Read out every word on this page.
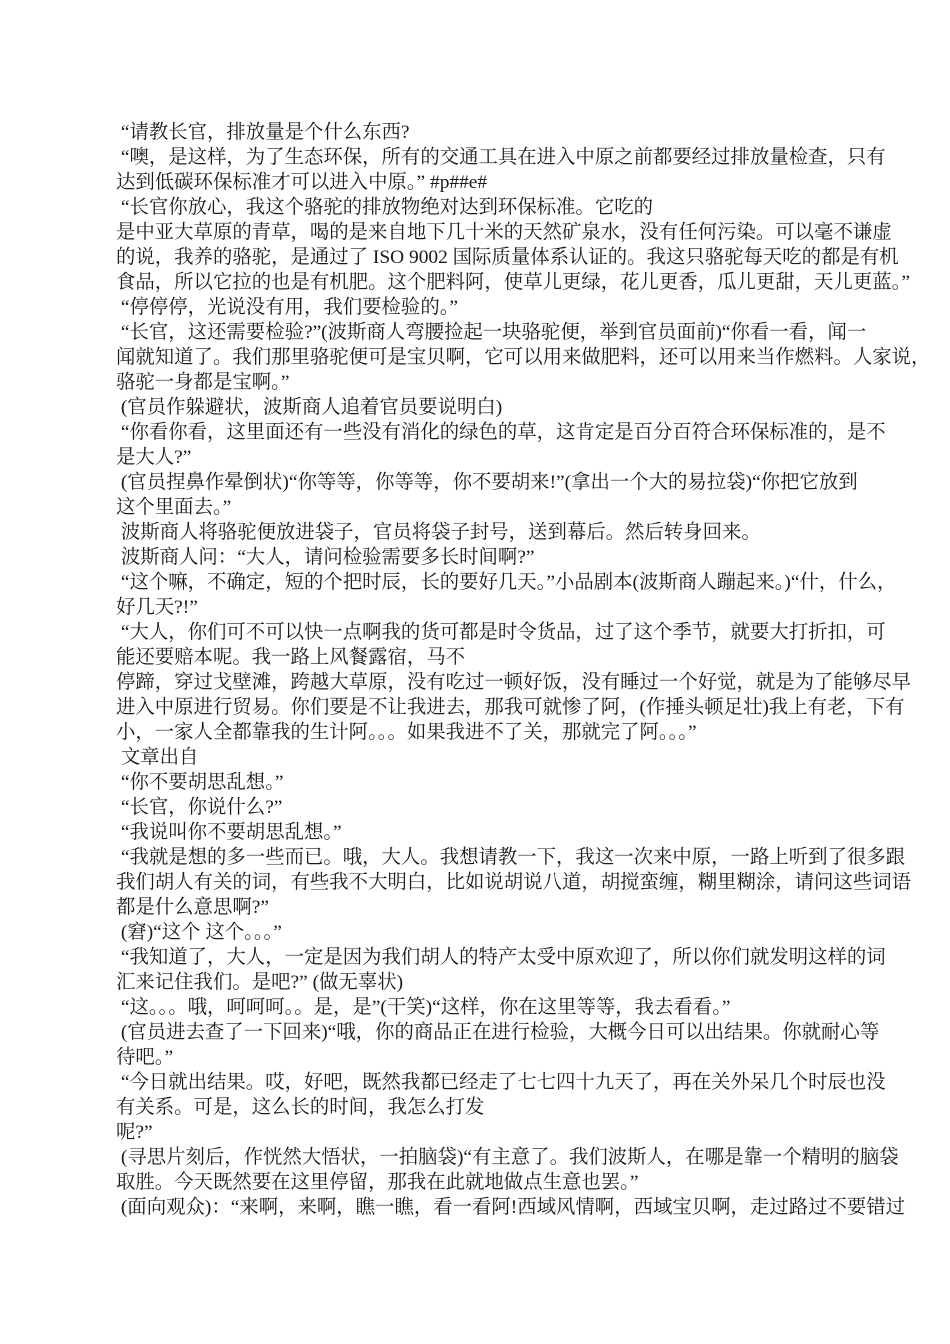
“请教长官，排放量是个什么东西?
“噢，是这样，为了生态环保，所有的交通工具在进入中原之前都要经过排放量检查，只有
达到低碳环保标准才可以进入中原。” #p##e#
“长官你放心，我这个骆驼的排放物绝对达到环保标准。它吃的
是中亚大草原的青草，喝的是来自地下几十米的天然矿泉水，没有任何污染。可以毫不谦虚
的说，我养的骆驼，是通过了 ISO 9002 国际质量体系认证的。我这只骆驼每天吃的都是有机
食品，所以它拉的也是有机肥。这个肥料阿，使草儿更绿，花儿更香，瓜儿更甜，天儿更蓝。”
“停停停，光说没有用，我们要检验的。”
“长官，这还需要检验?”(波斯商人弯腰捡起一块骆驼便，举到官员面前)“你看一看，闻一
闻就知道了。我们那里骆驼便可是宝贝啊，它可以用来做肥料，还可以用来当作燃料。人家说，
骆驼一身都是宝啊。”
(官员作躲避状，波斯商人追着官员要说明白)
“你看你看，这里面还有一些没有消化的绿色的草，这肯定是百分百符合环保标准的，是不
是大人?”
(官员捏鼻作晕倒状)“你等等，你等等，你不要胡来!”(拿出一个大的易拉袋)“你把它放到
这个里面去。”
波斯商人将骆驼便放进袋子，官员将袋子封号，送到幕后。然后转身回来。
波斯商人问：“大人，请问检验需要多长时间啊?”
“这个嘛，不确定，短的个把时辰，长的要好几天。”小品剧本(波斯商人蹦起来。)“什，什么，
好几天?!”
“大人，你们可不可以快一点啊我的货可都是时令货品，过了这个季节，就要大打折扣，可
能还要赔本呢。我一路上风餐露宿，马不
停蹄，穿过戈壁滩，跨越大草原，没有吃过一顿好饭，没有睡过一个好觉，就是为了能够尽早
进入中原进行贸易。你们要是不让我进去，那我可就惨了阿，(作捶头顿足壮)我上有老，下有
小，一家人全都靠我的生计阿。。。如果我进不了关，那就完了阿。。。”
文章出自
“你不要胡思乱想。”
“长官，你说什么?”
“我说叫你不要胡思乱想。”
“我就是想的多一些而已。哦，大人。我想请教一下，我这一次来中原，一路上听到了很多跟
我们胡人有关的词，有些我不大明白，比如说胡说八道，胡搅蛮缠，糊里糊涂，请问这些词语
都是什么意思啊?”
(窘)“这个 这个。。。”
“我知道了，大人，一定是因为我们胡人的特产太受中原欢迎了，所以你们就发明这样的词
汇来记住我们。是吧?” (做无辜状)
“这。。。哦，呵呵呵。。是，是”(干笑)“这样，你在这里等等，我去看看。”
(官员进去查了一下回来)“哦，你的商品正在进行检验，大概今日可以出结果。你就耐心等
待吧。”
“今日就出结果。哎，好吧，既然我都已经走了七七四十九天了，再在关外呆几个时辰也没
有关系。可是，这么长的时间，我怎么打发
呢?”
(寻思片刻后，作恍然大悟状，一拍脑袋)“有主意了。我们波斯人，在哪是靠一个精明的脑袋
取胜。今天既然要在这里停留，那我在此就地做点生意也罢。”
(面向观众)：“来啊，来啊，瞧一瞧，看一看阿!西域风情啊，西域宝贝啊，走过路过不要错过
